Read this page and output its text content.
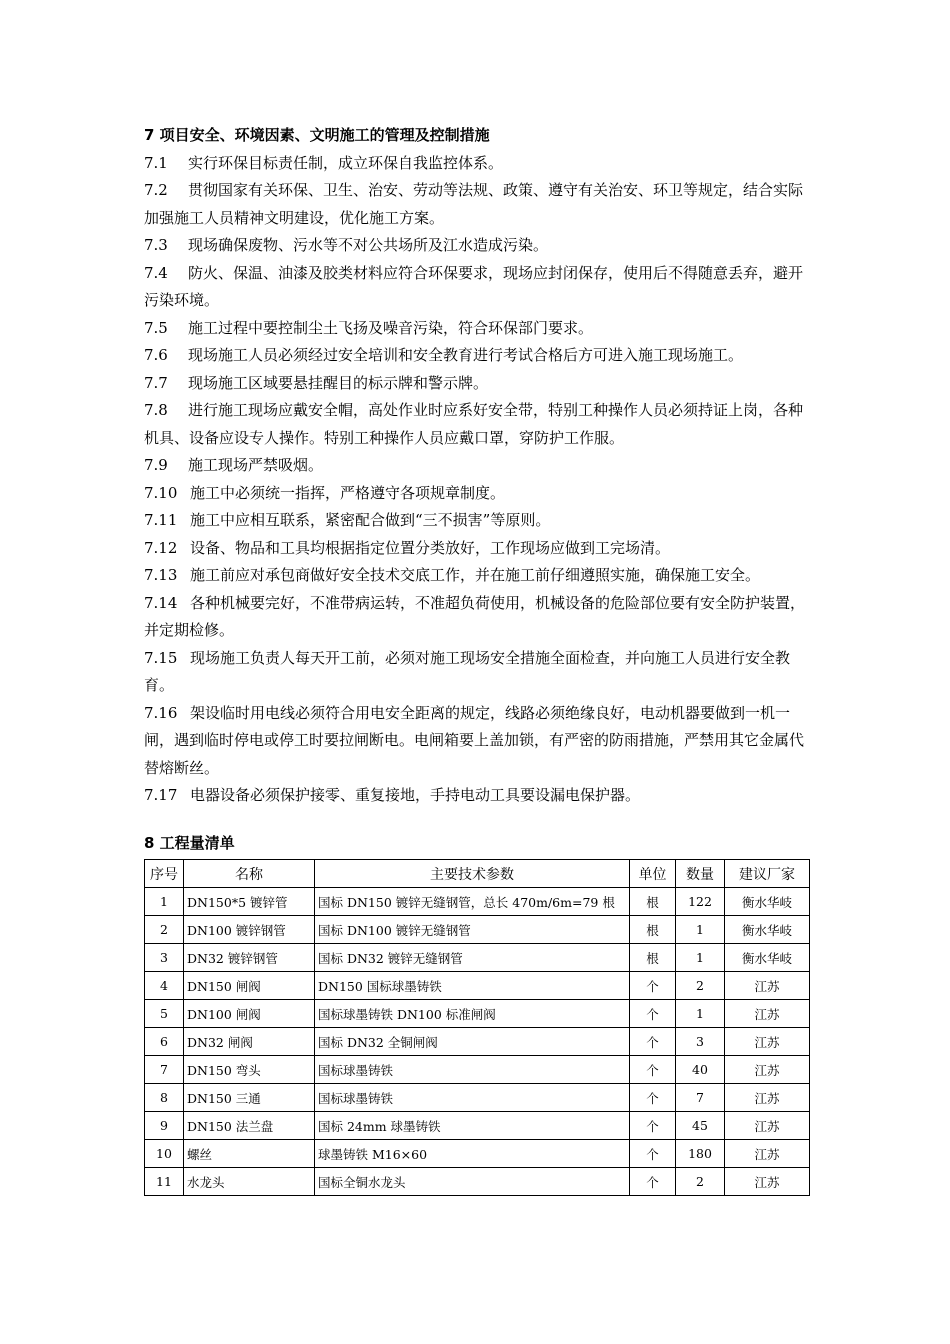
7 项目安全、环境因素、文明施工的管理及控制措施
7.1 实行环保目标责任制，成立环保自我监控体系。
7.2 贯彻国家有关环保、卫生、治安、劳动等法规、政策、遵守有关治安、环卫等规定，结合实际加强施工人员精神文明建设，优化施工方案。
7.3 现场确保废物、污水等不对公共场所及江水造成污染。
7.4 防火、保温、油漆及胶类材料应符合环保要求，现场应封闭保存，使用后不得随意丢弃，避开污染环境。
7.5 施工过程中要控制尘土飞扬及噪音污染，符合环保部门要求。
7.6 现场施工人员必须经过安全培训和安全教育进行考试合格后方可进入施工现场施工。
7.7 现场施工区域要悬挂醒目的标示牌和警示牌。
7.8 进行施工现场应戴安全帽，高处作业时应系好安全带，特别工种操作人员必须持证上岗，各种机具、设备应设专人操作。特别工种操作人员应戴口罩，穿防护工作服。
7.9 施工现场严禁吸烟。
7.10 施工中必须统一指挥，严格遵守各项规章制度。
7.11 施工中应相互联系，紧密配合做到“三不损害”等原则。
7.12 设备、物品和工具均根据指定位置分类放好，工作现场应做到工完场清。
7.13 施工前应对承包商做好安全技术交底工作，并在施工前仔细遵照实施，确保施工安全。
7.14 各种机械要完好，不准带病运转，不准超负荷使用，机械设备的危险部位要有安全防护装置，并定期检修。
7.15 现场施工负责人每天开工前，必须对施工现场安全措施全面检查，并向施工人员进行安全教育。
7.16 架设临时用电线必须符合用电安全距离的规定，线路必须绝缘良好，电动机器要做到一机一闸，遇到临时停电或停工时要拉闸断电。电闸箱要上盖加锁，有严密的防雨措施，严禁用其它金属代替熔断丝。
7.17 电器设备必须保护接零、重复接地，手持电动工具要设漏电保护器。
8 工程量清单
序号	名称	主要技术参数	单位	数量	建议厂家
1	DN150*5 镀锌管	国标 DN150 镀锌无缝钢管，总长 470m/6m=79 根	根	122	衡水华岐
2	DN100 镀锌钢管	国标 DN100 镀锌无缝钢管	根	1	衡水华岐
3	DN32 镀锌钢管	国标 DN32 镀锌无缝钢管	根	1	衡水华岐
4	DN150 闸阀	DN150 国标球墨铸铁	个	2	江苏
5	DN100 闸阀	国标球墨铸铁 DN100 标准闸阀	个	1	江苏
6	DN32 闸阀	国标 DN32 全铜闸阀	个	3	江苏
7	DN150 弯头	国标球墨铸铁	个	40	江苏
8	DN150 三通	国标球墨铸铁	个	7	江苏
9	DN150 法兰盘	国标 24mm 球墨铸铁	个	45	江苏
10	螺丝	球墨铸铁 M16×60	个	180	江苏
11	水龙头	国标全铜水龙头	个	2	江苏
